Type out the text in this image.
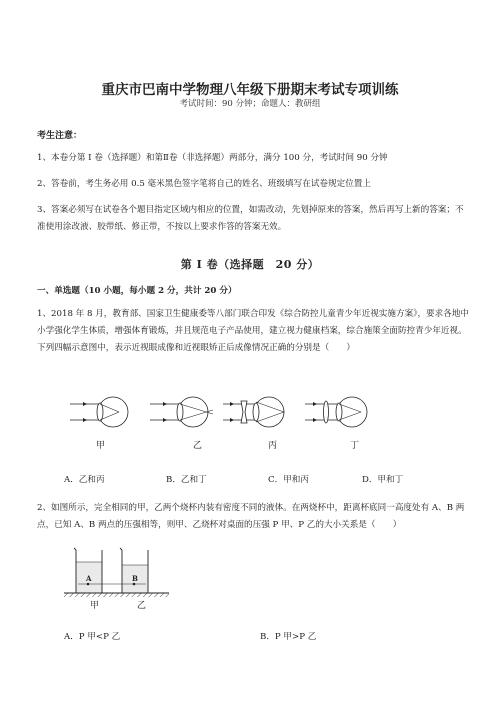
重庆市巴南中学物理八年级下册期末考试专项训练
考试时间：90 分钟；命题人：教研组
考生注意：
1、本卷分第 I 卷（选择题）和第Ⅱ卷（非选择题）两部分，满分 100 分，考试时间 90 分钟
2、答卷前，考生务必用 0.5 毫米黑色签字笔将自己的姓名、班级填写在试卷规定位置上
3、答案必须写在试卷各个题目指定区域内相应的位置，如需改动，先划掉原来的答案，然后再写上新的答案；不准使用涂改液、胶带纸、修正带，不按以上要求作答的答案无效。
第 I 卷（选择题　20 分）
一、单选题（10 小题，每小题 2 分，共计 20 分）
1、2018 年 8 月，教育部、国家卫生健康委等八部门联合印发《综合防控儿童青少年近视实施方案》，要求各地中小学强化学生体质，增强体育锻炼，并且规范电子产品使用，建立视力健康档案，综合施策全面防控青少年近视。下列四幅示意图中，表示近视眼成像和近视眼矫正后成像情况正确的分别是（　　）
甲	乙	丙	丁
A．乙和丙	B．乙和丁	C．甲和丙	D．甲和丁
2、如图所示，完全相同的甲，乙两个烧杯内装有密度不同的液体。在两烧杯中，距离杯底同一高度处有 A、B 两点，已知 A、B 两点的压强相等，则甲、乙烧杯对桌面的压强 P 甲、P 乙的大小关系是（　　）
A	B
甲	乙
A．P 甲<P 乙	B．P 甲>P 乙
